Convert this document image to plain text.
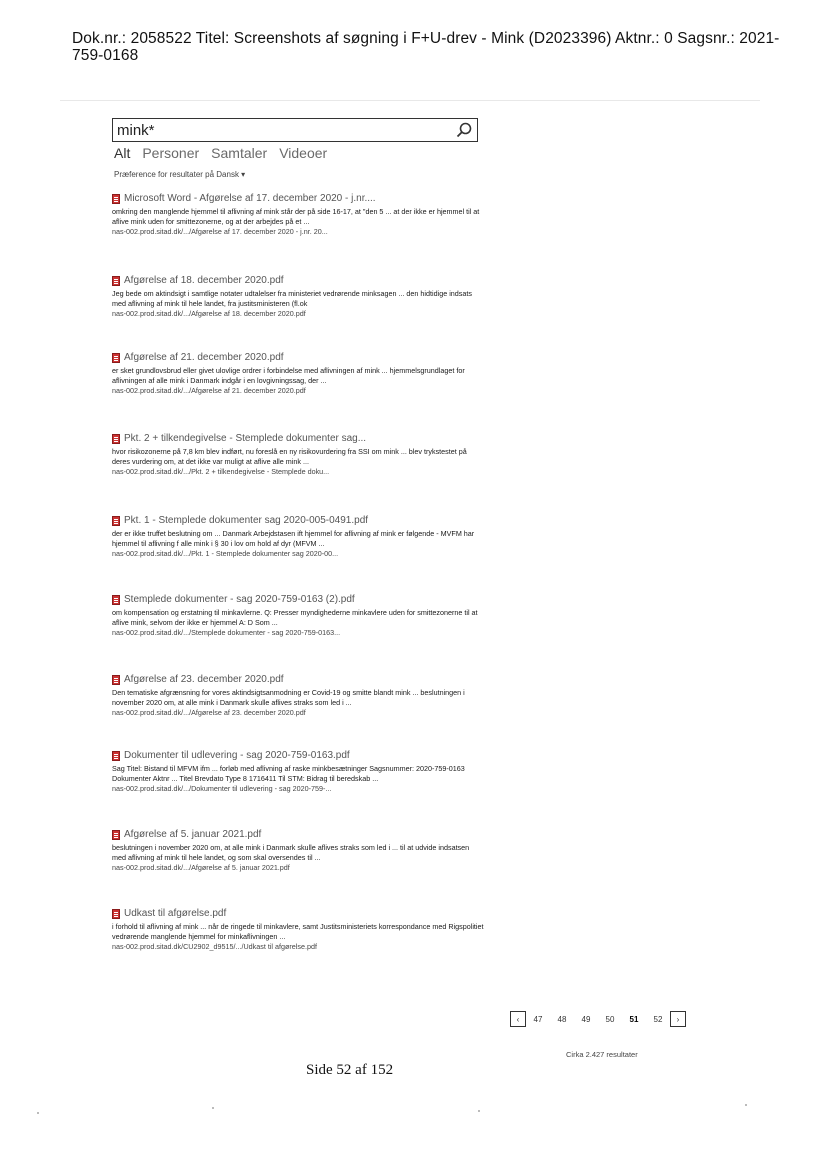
Dok.nr.: 2058522 Titel: Screenshots af søgning i F+U-drev - Mink (D2023396) Aktnr.: 0 Sagsnr.: 2021-759-0168
mink*
Alt Personer Samtaler Videoer
Præference for resultater på Dansk ▾
Microsoft Word - Afgørelse af 17. december 2020 - j.nr....
omkring den manglende hjemmel til aflivning af mink står der på side 16-17, at "den 5 ... at der ikke er hjemmel til at aflive mink uden for smittezonerne, og at der arbejdes på et ...
nas-002.prod.sitad.dk/.../Afgørelse af 17. december 2020 - j.nr. 20...
Afgørelse af 18. december 2020.pdf
Jeg bede om aktindsigt i samtlige notater udtalelser fra ministeriet vedrørende minksagen ... den hidtidige indsats med aflivning af mink til hele landet, fra justitsministeren (fl.ok
nas-002.prod.sitad.dk/.../Afgørelse af 18. december 2020.pdf
Afgørelse af 21. december 2020.pdf
er sket grundlovsbrud eller givet ulovlige ordrer i forbindelse med aflivningen af mink ... hjemmelsgrundlaget for aflivningen af alle mink i Danmark indgår i en lovgivningssag, der ...
nas-002.prod.sitad.dk/.../Afgørelse af 21. december 2020.pdf
Pkt. 2 + tilkendegivelse - Stemplede dokumenter sag...
hvor risikozonerne på 7,8 km blev indført, nu foreslå en ny risikovurdering fra SSI om mink ... blev trykstestet på deres vurdering om, at det ikke var muligt at aflive alle mink ...
nas-002.prod.sitad.dk/.../Pkt. 2 + tilkendegivelse - Stemplede doku...
Pkt. 1 - Stemplede dokumenter sag 2020-005-0491.pdf
der er ikke truffet beslutning om ... Danmark Arbejdstasen ift hjemmel for aflivning af mink er følgende - MVFM har hjemmel til aflivning f alle mink i § 30 i lov om hold af dyr (MFVM ...
nas-002.prod.sitad.dk/.../Pkt. 1 - Stemplede dokumenter sag 2020-00...
Stemplede dokumenter - sag 2020-759-0163 (2).pdf
om kompensation og erstatning til minkavlerne. Q: Presser myndighederne minkavlere uden for smittezonerne til at aflive mink, selvom der ikke er hjemmel A: D Som ...
nas-002.prod.sitad.dk/.../Stemplede dokumenter - sag 2020-759-0163...
Afgørelse af 23. december 2020.pdf
Den tematiske afgrænsning for vores aktindsigtsanmodning er Covid-19 og smitte blandt mink ... beslutningen i november 2020 om, at alle mink i Danmark skulle aflives straks som led i ...
nas-002.prod.sitad.dk/.../Afgørelse af 23. december 2020.pdf
Dokumenter til udlevering - sag 2020-759-0163.pdf
Sag Titel: Bistand til MFVM ifm ... forløb med aflivning af raske minkbesætninger Sagsnummer: 2020-759-0163 Dokumenter Aktnr ... Titel Brevdato Type 8 1716411 Til STM: Bidrag til beredskab ...
nas-002.prod.sitad.dk/.../Dokumenter til udlevering - sag 2020-759-...
Afgørelse af 5. januar 2021.pdf
beslutningen i november 2020 om, at alle mink i Danmark skulle aflives straks som led i ... til at udvide indsatsen med aflivning af mink til hele landet, og som skal oversendes til ...
nas-002.prod.sitad.dk/.../Afgørelse af 5. januar 2021.pdf
Udkast til afgørelse.pdf
i forhold til aflivning af mink ... når de ringede til minkavlere, samt Justitsministeriets korrespondance med Rigspolitiet vedrørende manglende hjemmel for minkaflivningen ...
nas-002.prod.sitad.dk/CU2902_d9515/.../Udkast til afgørelse.pdf
‹	47	48	49	50	51	52	›
Cirka 2.427 resultater
Side 52 af 152
